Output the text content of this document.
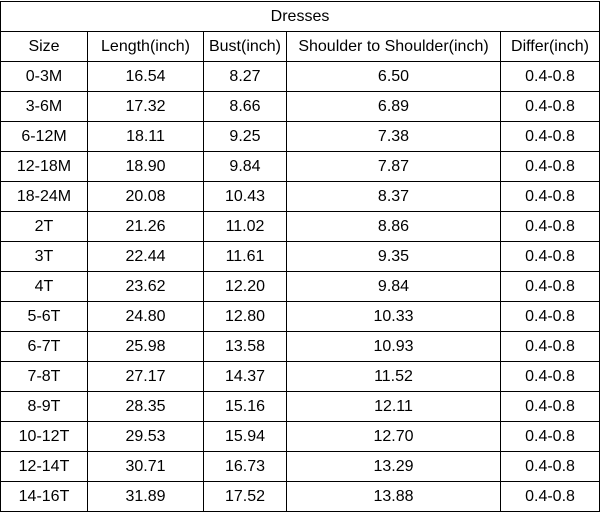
Dresses				

Size	Length(inch)	Bust(inch)	Shoulder to Shoulder(inch)	Differ(inch)

0-3M	16.54	8.27	6.50	0.4-0.8
3-6M	17.32	8.66	6.89	0.4-0.8
6-12M	18.11	9.25	7.38	0.4-0.8
12-18M	18.90	9.84	7.87	0.4-0.8
18-24M	20.08	10.43	8.37	0.4-0.8
2T	21.26	11.02	8.86	0.4-0.8
3T	22.44	11.61	9.35	0.4-0.8
4T	23.62	12.20	9.84	0.4-0.8
5-6T	24.80	12.80	10.33	0.4-0.8
6-7T	25.98	13.58	10.93	0.4-0.8
7-8T	27.17	14.37	11.52	0.4-0.8
8-9T	28.35	15.16	12.11	0.4-0.8
10-12T	29.53	15.94	12.70	0.4-0.8
12-14T	30.71	16.73	13.29	0.4-0.8
14-16T	31.89	17.52	13.88	0.4-0.8
